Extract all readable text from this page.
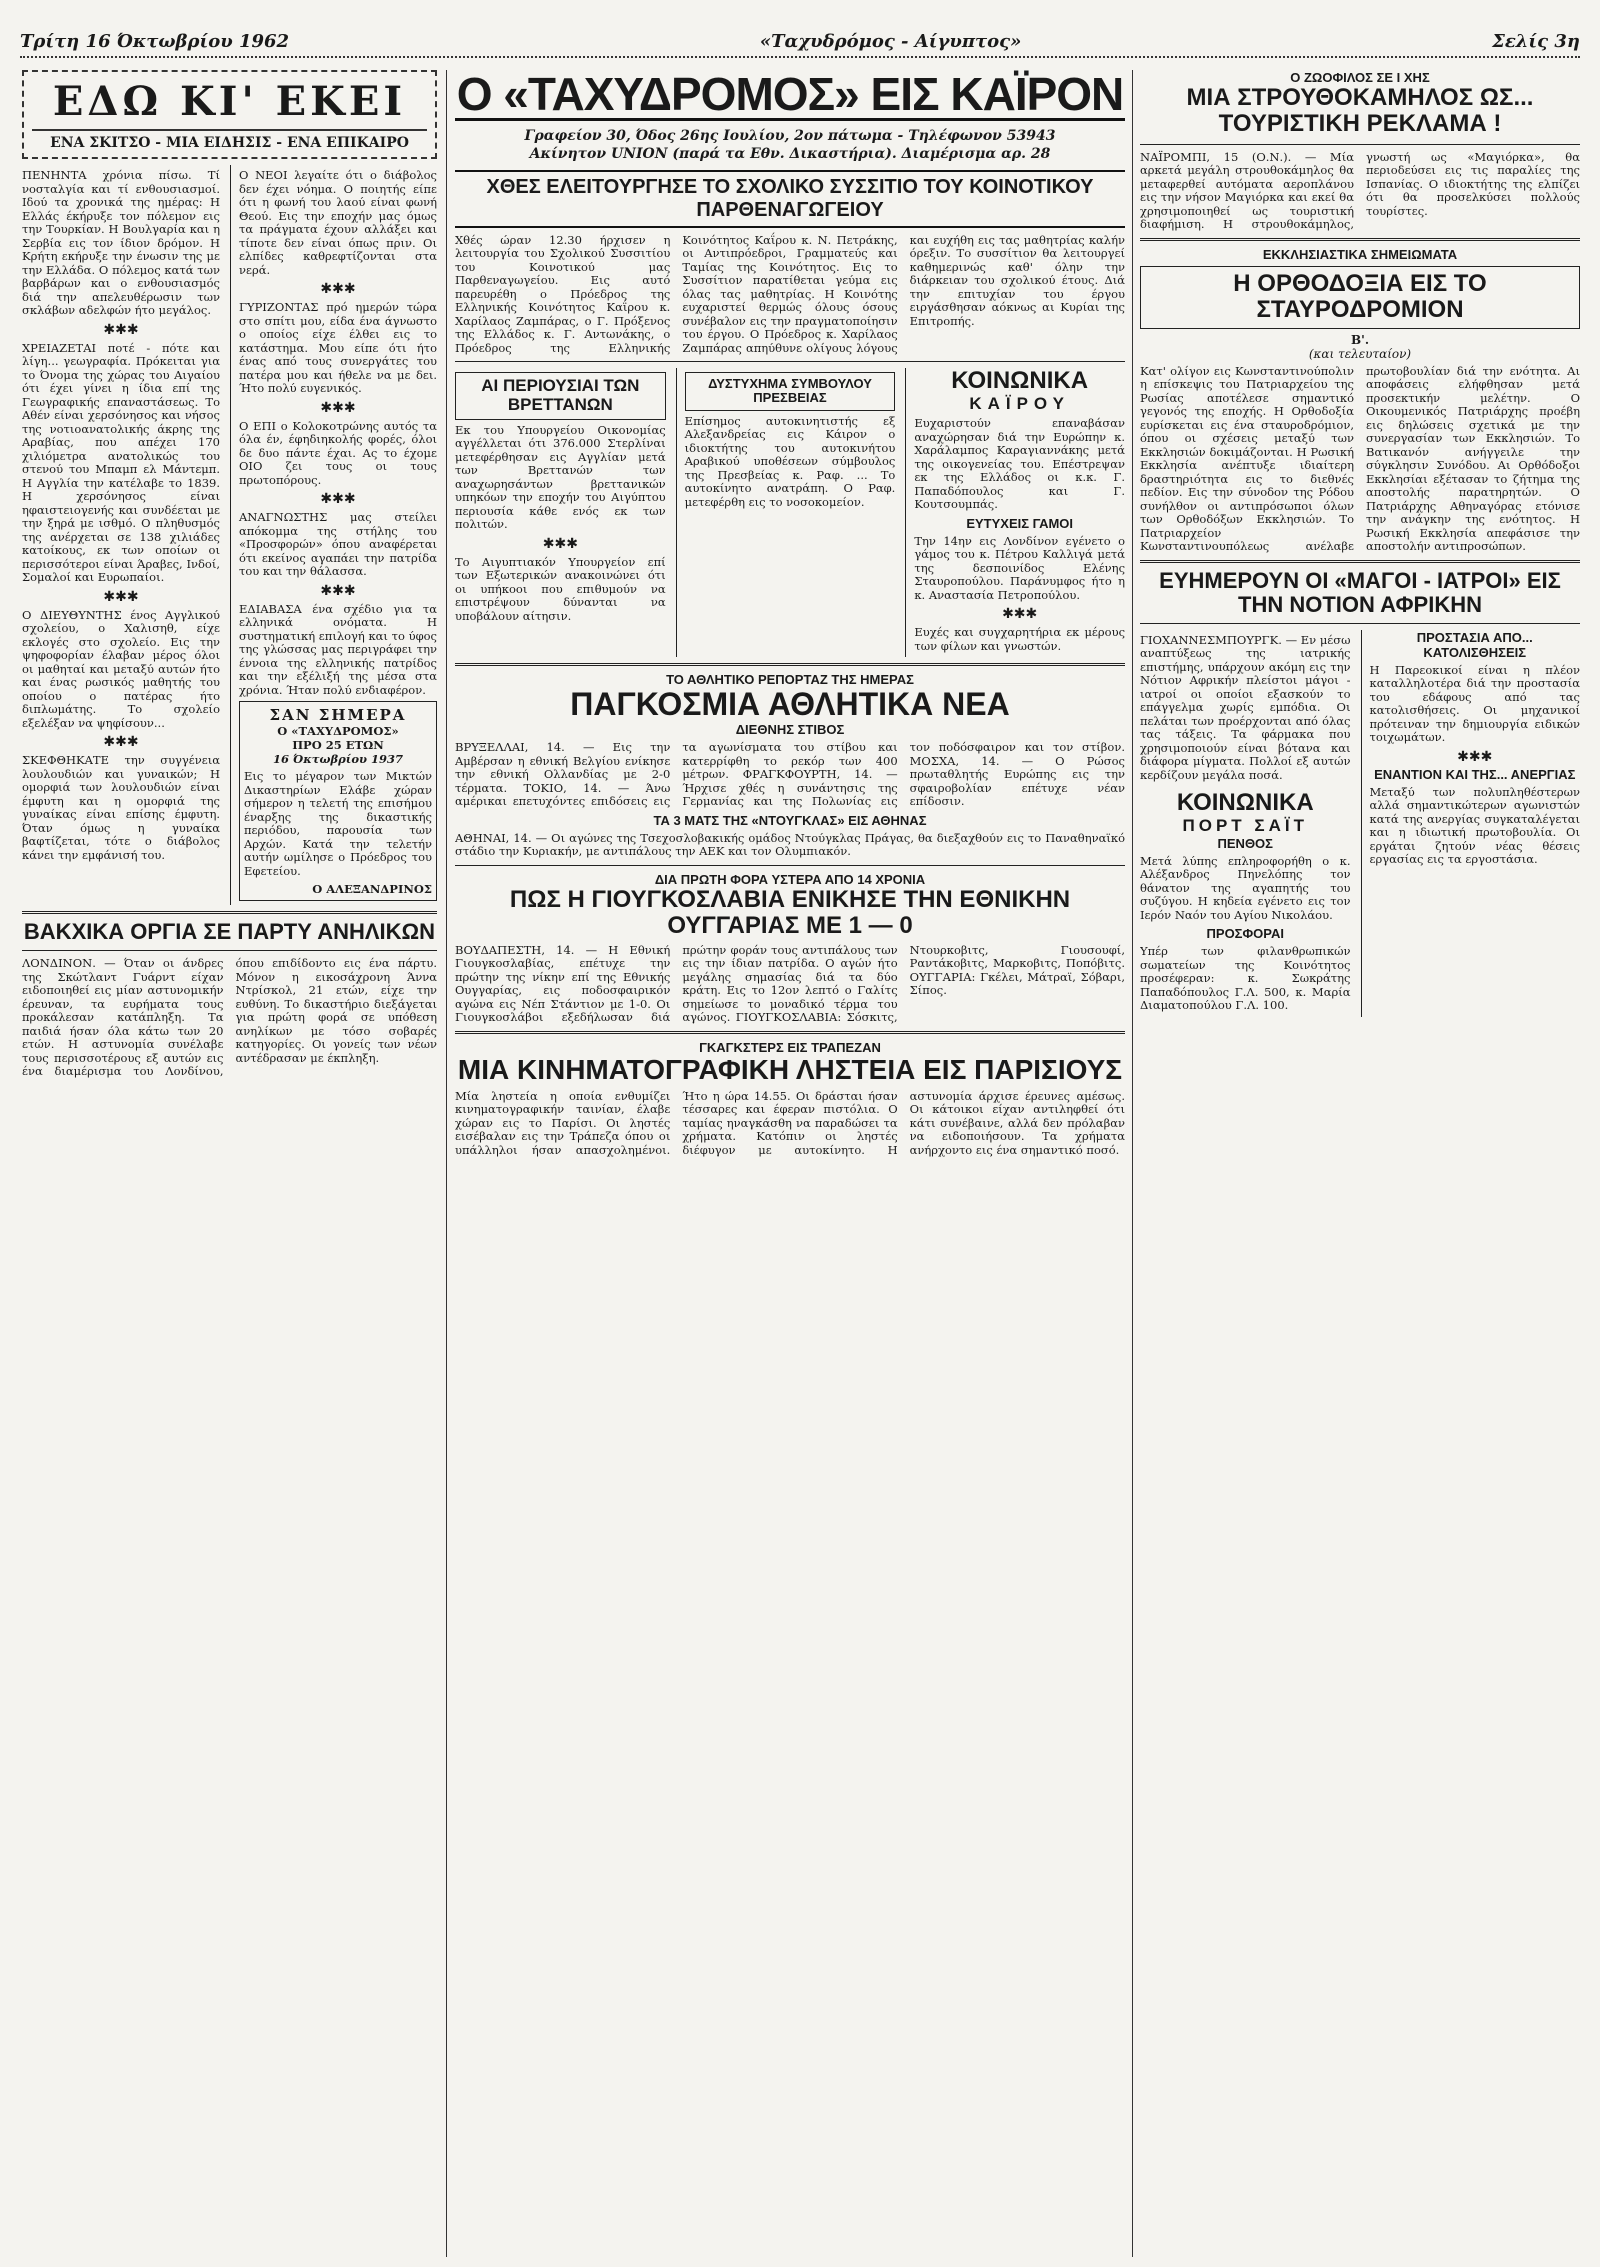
Τρίτη 16 Όκτωβρίου 1962	«Ταχυδρόμος - Αίγυπτος»	Σελίς 3η
ΕΔΩ ΚΙ' ΕΚΕΙ
ΕΝΑ ΣΚΙΤΣΟ - ΜΙΑ ΕΙΔΗΣΙΣ - ΕΝΑ ΕΠΙΚΑΙΡΟ

ΠΕΝΗΝΤΑ χρόνια πίσω. Τί νοσταλγία και τί ενθουσιασμοί. Ιδού τα χρονικά της ημέρας: Η Ελλάς έκήρυξε τον πόλεμον εις την Τουρκίαν. Η Βουλγαρία και η Σερβία εις τον ίδιον δρόμον. Η Κρήτη εκήρυξε την ένωσιν της με την Ελλάδα. Ο πόλεμος κατά των βαρβάρων και ο ενθουσιασμός διά την απελευθέρωσιν των σκλάβων αδελφών ήτο μεγάλος.

✱✱✱

ΧΡΕΙΑΖΕΤΑΙ ποτέ - πότε και λίγη... γεωγραφία. Πρόκειται για το Όνομα της χώρας του Αιγαίου ότι έχει γίνει η ίδια επί της Γεωγραφικής επαναστάσεως. Το Αθέν είναι χερσόνησος και νήσος της νοτιοανατολικής άκρης της Αραβίας, που απέχει 170 χιλιόμετρα ανατολικώς του στενού του Μπαμπ ελ Μάντεμπ. Η Αγγλία την κατέλαβε το 1839. Η χερσόνησος είναι ηφαιστειογενής και συνδέεται με την ξηρά με ισθμό. Ο πληθυσμός της ανέρχεται σε 138 χιλιάδες κατοίκους, εκ των οποίων οι περισσότεροι είναι Άραβες, Ινδοί, Σομαλοί και Ευρωπαίοι.

✱✱✱

Ο ΔΙΕΥΘΥΝΤΗΣ ένος Αγγλικού σχολείου, ο Χαλισηθ, είχε εκλογές στο σχολείο. Εις την ψηφοφορίαν έλαβαν μέρος όλοι οι μαθηταί και μεταξύ αυτών ήτο και ένας ρωσικός μαθητής του οποίου ο πατέρας ήτο διπλωμάτης. Το σχολείο εξελέξαν να ψηφίσουν...

✱✱✱

ΣΚΕΦΘΗΚΑΤΕ την συγγένεια λουλουδιών και γυναικών; Η ομορφιά των λουλουδιών είναι έμφυτη και η ομορφιά της γυναίκας είναι επίσης έμφυτη. Όταν όμως η γυναίκα βαφτίζεται, τότε ο διάβολος κάνει την εμφάνισή του.

Ο ΝΕΟΙ λεγαίτε ότι ο διάβολος δεν έχει νόημα. Ο ποιητής είπε ότι η φωνή του λαού είναι φωνή Θεού. Εις την εποχήν μας όμως τα πράγματα έχουν αλλάξει και τίποτε δεν είναι όπως πριν. Οι ελπίδες καθρεφτίζονται στα νερά.

✱✱✱

ΓΥΡΙΖΟΝΤΑΣ πρό ημερών τώρα στο σπίτι μου, είδα ένα άγνωστο ο οποίος είχε έλθει εις το κατάστημα. Μου είπε ότι ήτο ένας από τους συνεργάτες του πατέρα μου και ήθελε να με δει. Ήτο πολύ ευγενικός.

✱✱✱

Ο ΕΠΙ ο Κολοκοτρώνης αυτός τα όλα έν, έφηδιηκολής φορές, όλοι δε δυο πάντε έχαι. Ας το έχομε ΟΙΟ ζει τους οι τους πρωτοπόρους.

✱✱✱

ΑΝΑΓΝΩΣΤΗΣ μας στείλει απόκομμα της στήλης του «Προσφορών» όπου αναφέρεται ότι εκείνος αγαπάει την πατρίδα του και την θάλασσα.

✱✱✱

ΕΔΙΑΒΑΣΑ ένα σχέδιο για τα ελληνικά ονόματα. Η συστηματική επιλογή και το ύφος της γλώσσας μας περιγράφει την έννοια της ελληνικής πατρίδος και την εξέλιξή της μέσα στα χρόνια. Ήταν πολύ ενδιαφέρον.

ΣΑΝ ΣΗΜΕΡΑ
Ο «ΤΑΧΥΔΡΟΜΟΣ»
ΠΡΟ 25 ΕΤΩΝ
16 Όκτωβρίου 1937

Εις το μέγαρον των Μικτών Δικαστηρίων Ελάβε χώραν σήμερον η τελετή της επισήμου έναρξης της δικαστικής περιόδου, παρουσία των Αρχών. Κατά την τελετήν αυτήν ωμίλησε ο Πρόεδρος του Εφετείου.

Ο ΑΛΕΞΑΝΔΡΙΝΟΣ
ΒΑΚΧΙΚΑ ΟΡΓΙΑ ΣΕ ΠΑΡΤΥ ΑΝΗΛΙΚΩΝ

ΛΟΝΔΙΝΟΝ. — Όταν οι άνδρες της Σκώτλαντ Γυάρντ είχαν ειδοποιηθεί εις μίαν αστυνομικήν έρευναν, τα ευρήματα τους προκάλεσαν κατάπληξη. Τα παιδιά ήσαν όλα κάτω των 20 ετών. Η αστυνομία συνέλαβε τους περισσοτέρους εξ αυτών εις ένα διαμέρισμα του Λονδίνου, όπου επιδίδοντο εις ένα πάρτυ. Μόνον η εικοσάχρονη Άννα Ντρίσκολ, 21 ετών, είχε την ευθύνη. Το δικαστήριο διεξάγεται για πρώτη φορά σε υπόθεση ανηλίκων με τόσο σοβαρές κατηγορίες. Οι γονείς των νέων αντέδρασαν με έκπληξη.

Ο «ΤΑΧΥΔΡΟΜΟΣ» ΕΙΣ ΚΑΪΡΟΝ
Γραφείον 30, Όδος 26ης Ιουλίου, 2ον πάτωμα - Τηλέφωνον 53943
Ακίνητον UNION (παρά τα Εθν. Δικαστήρια). Διαμέρισμα αρ. 28
ΧΘΕΣ ΕΛΕΙΤΟΥΡΓΗΣΕ ΤΟ ΣΧΟΛΙΚΟ ΣΥΣΣΙΤΙΟ ΤΟΥ ΚΟΙΝΟΤΙΚΟΥ ΠΑΡΘΕΝΑΓΩΓΕΙΟΥ

Χθές ώραν 12.30 ήρχισεν η λειτουργία του Σχολικού Συσσιτίου του Κοινοτικού μας Παρθεναγωγείου. Εις αυτό παρευρέθη ο Πρόεδρος της Ελληνικής Κοινότητος Καΐρου κ. Χαρίλαος Ζαμπάρας, ο Γ. Πρόξενος της Ελλάδος κ. Γ. Αντωνάκης, ο Πρόεδρος της Ελληνικής Κοινότητος Καΐρου κ. Ν. Πετράκης, οι Αντιπρόεδροι, Γραμματεύς και Ταμίας της Κοινότητος. Εις το Συσσίτιον παρατίθεται γεύμα εις όλας τας μαθητρίας. Η Κοινότης ευχαριστεί θερμώς όλους όσους συνέβαλον εις την πραγματοποίησιν του έργου. Ο Πρόεδρος κ. Χαρίλαος Ζαμπάρας απηύθυνε ολίγους λόγους και ευχήθη εις τας μαθητρίας καλήν όρεξιν. Το συσσίτιον θα λειτουργεί καθημερινώς καθ' όλην την διάρκειαν του σχολικού έτους. Διά την επιτυχίαν του έργου ειργάσθησαν αόκνως αι Κυρίαι της Επιτροπής.

ΑΙ ΠΕΡΙΟΥΣΙΑΙ ΤΩΝ ΒΡΕΤΤΑΝΩΝ

Εκ του Υπουργείου Οικονομίας αγγέλλεται ότι 376.000 Στερλίναι μετεφέρθησαν εις Αγγλίαν μετά των Βρεττανών των αναχωρησάντων βρεττανικών υπηκόων την εποχήν του Αιγύπτου περιουσία κάθε ενός εκ των πολιτών.

✱✱✱

Το Αιγυπτιακόν Υπουργείον επί των Εξωτερικών ανακοινώνει ότι οι υπήκοοι που επιθυμούν να επιστρέψουν δύνανται να υποβάλουν αίτησιν.

ΔΥΣΤΥΧΗΜΑ ΣΥΜΒΟΥΛΟΥ ΠΡΕΣΒΕΙΑΣ

Επίσημος αυτοκινητιστής εξ Αλεξανδρείας εις Κάιρον ο ιδιοκτήτης του αυτοκινήτου Αραβικού υποθέσεων σύμβουλος της Πρεσβείας κ. Ραφ. ... Το αυτοκίνητο ανατράπη. Ο Ραφ. μετεφέρθη εις το νοσοκομείον.

ΚΟΙΝΩΝΙΚΑ
ΚΑΪΡΟΥ

Ευχαριστούν επαναβάσαν αναχώρησαν διά την Ευρώπην κ. Χαράλαμπος Καραγιαννάκης μετά της οικογενείας του. Επέστρεψαν εκ της Ελλάδος οι κ.κ. Γ. Παπαδόπουλος και Γ. Κουτσουμπάς.

ΕΥΤΥΧΕΙΣ ΓΑΜΟΙ

Την 14ην εις Λονδίνον εγένετο ο γάμος του κ. Πέτρου Καλλιγά μετά της δεσποινίδος Ελένης Σταυροπούλου. Παράνυμφος ήτο η κ. Αναστασία Πετροπούλου.

✱✱✱

Ευχές και συγχαρητήρια εκ μέρους των φίλων και γνωστών.

ΤΟ ΑΘΛΗΤΙΚΟ ΡΕΠΟΡΤΑΖ ΤΗΣ ΗΜΕΡΑΣ
ΠΑΓΚΟΣΜΙΑ ΑΘΛΗΤΙΚΑ ΝΕΑ
ΔΙΕΘΝΗΣ ΣΤΙΒΟΣ

ΒΡΥΞΕΛΛΑΙ, 14. — Εις την Αμβέρσαν η εθνική Βελγίου ενίκησε την εθνική Ολλανδίας με 2-0 τέρματα. ΤΟΚΙΟ, 14. — Άνω αμέρικαι επετυχόντες επιδόσεις εις τα αγωνίσματα του στίβου και κατερρίφθη το ρεκόρ των 400 μέτρων. ΦΡΑΓΚΦΟΥΡΤΗ, 14. — Ήρχισε χθές η συνάντησις της Γερμανίας και της Πολωνίας εις τον ποδόσφαιρον και τον στίβον. ΜΟΣΧΑ, 14. — Ο Ρώσος πρωταθλητής Ευρώπης εις την σφαιροβολίαν επέτυχε νέαν επίδοσιν.

ΤΑ 3 ΜΑΤΣ ΤΗΣ «ΝΤΟΥΓΚΛΑΣ» ΕΙΣ ΑΘΗΝΑΣ

ΑΘΗΝΑΙ, 14. — Οι αγώνες της Τσεχοσλοβακικής ομάδος Ντούγκλας Πράγας, θα διεξαχθούν εις το Παναθηναϊκό στάδιο την Κυριακήν, με αντιπάλους την ΑΕΚ και τον Ολυμπιακόν.

ΔΙΑ ΠΡΩΤΗ ΦΟΡΑ ΥΣΤΕΡΑ ΑΠΟ 14 ΧΡΟΝΙΑ
ΠΩΣ Η ΓΙΟΥΓΚΟΣΛΑΒΙΑ ΕΝΙΚΗΣΕ ΤΗΝ ΕΘΝΙΚΗΝ ΟΥΓΓΑΡΙΑΣ ΜΕ 1 — 0

ΒΟΥΔΑΠΕΣΤΗ, 14. — Η Εθνική Γιουγκοσλαβίας, επέτυχε την πρώτην της νίκην επί της Εθνικής Ουγγαρίας, εις ποδοσφαιρικόν αγώνα εις Νέπ Στάντιον με 1-0. Οι Γιουγκοσλάβοι εξεδήλωσαν διά πρώτην φοράν τους αντιπάλους των εις την ίδιαν πατρίδα. Ο αγών ήτο μεγάλης σημασίας διά τα δύο κράτη. Εις το 12ον λεπτό ο Γαλίτς σημείωσε το μοναδικό τέρμα του αγώνος. ΓΙΟΥΓΚΟΣΛΑΒΙΑ: Σόσκιτς, Ντουρκοβιτς, Γιουσουφί, Ραντάκοβιτς, Μαρκοβιτς, Ποπόβιτς. ΟΥΓΓΑΡΙΑ: Γκέλει, Μάτραϊ, Σόβαρι, Σίπος.

ΓΚΑΓΚΣΤΕΡΣ ΕΙΣ ΤΡΑΠΕΖΑΝ
ΜΙΑ ΚΙΝΗΜΑΤΟΓΡΑΦΙΚΗ ΛΗΣΤΕΙΑ ΕΙΣ ΠΑΡΙΣΙΟΥΣ

Μία ληστεία η οποία ενθυμίζει κινηματογραφικήν ταινίαν, έλαβε χώραν εις το Παρίσι. Οι ληστές εισέβαλαν εις την Τράπεζα όπου οι υπάλληλοι ήσαν απασχολημένοι. Ήτο η ώρα 14.55. Οι δράσται ήσαν τέσσαρες και έφεραν πιστόλια. Ο ταμίας ηναγκάσθη να παραδώσει τα χρήματα. Κατόπιν οι ληστές διέφυγον με αυτοκίνητο. Η αστυνομία άρχισε έρευνες αμέσως. Οι κάτοικοι είχαν αντιληφθεί ότι κάτι συνέβαινε, αλλά δεν πρόλαβαν να ειδοποιήσουν. Τα χρήματα ανήρχοντο εις ένα σημαντικό ποσό.

Ο ΖΩΟΦΙΛΟΣ ΣΕ Ι ΧΗΣ
ΜΙΑ ΣΤΡΟΥΘΟΚΑΜΗΛΟΣ ΩΣ... ΤΟΥΡΙΣΤΙΚΗ ΡΕΚΛΑΜΑ !

ΝΑΪΡΟΜΠΙ, 15 (Ο.Ν.). — Μία αρκετά μεγάλη στρουθοκάμηλος θα μεταφερθεί αυτόματα αεροπλάνου εις την νήσον Μαγιόρκα και εκεί θα χρησιμοποιηθεί ως τουριστική διαφήμιση. Η στρουθοκάμηλος, γνωστή ως «Μαγιόρκα», θα περιοδεύσει εις τις παραλίες της Ισπανίας. Ο ιδιοκτήτης της ελπίζει ότι θα προσελκύσει πολλούς τουρίστες.

ΕΚΚΛΗΣΙΑΣΤΙΚΑ ΣΗΜΕΙΩΜΑΤΑ
Η ΟΡΘΟΔΟΞΙΑ ΕΙΣ ΤΟ ΣΤΑΥΡΟΔΡΟΜΙΟΝ
Β'.
(και τελευταίον)

Κατ' ολίγον εις Κωνσταντινούπολιν η επίσκεψις του Πατριαρχείου της Ρωσίας αποτέλεσε σημαντικό γεγονός της εποχής. Η Ορθοδοξία ευρίσκεται εις ένα σταυροδρόμιον, όπου οι σχέσεις μεταξύ των Εκκλησιών δοκιμάζονται. Η Ρωσική Εκκλησία ανέπτυξε ιδιαίτερη δραστηριότητα εις το διεθνές πεδίον. Εις την σύνοδον της Ρόδου συνήλθον οι αντιπρόσωποι όλων των Ορθοδόξων Εκκλησιών. Το Πατριαρχείον Κωνσταντινουπόλεως ανέλαβε πρωτοβουλίαν διά την ενότητα. Αι αποφάσεις ελήφθησαν μετά προσεκτικήν μελέτην. Ο Οικουμενικός Πατριάρχης προέβη εις δηλώσεις σχετικά με την συνεργασίαν των Εκκλησιών. Το Βατικανόν ανήγγειλε την σύγκλησιν Συνόδου. Αι Ορθόδοξοι Εκκλησίαι εξέτασαν το ζήτημα της αποστολής παρατηρητών. Ο Πατριάρχης Αθηναγόρας ετόνισε την ανάγκην της ενότητος. Η Ρωσική Εκκλησία απεφάσισε την αποστολήν αντιπροσώπων.

ΕΥΗΜΕΡΟΥΝ ΟΙ «ΜΑΓΟΙ - ΙΑΤΡΟΙ» ΕΙΣ ΤΗΝ ΝΟΤΙΟΝ ΑΦΡΙΚΗΝ

ΓΙΟΧΑΝΝΕΣΜΠΟΥΡΓΚ. — Εν μέσω αναπτύξεως της ιατρικής επιστήμης, υπάρχουν ακόμη εις την Νότιον Αφρικήν πλείστοι μάγοι - ιατροί οι οποίοι εξασκούν το επάγγελμα χωρίς εμπόδια. Οι πελάται των προέρχονται από όλας τας τάξεις. Τα φάρμακα που χρησιμοποιούν είναι βότανα και διάφορα μίγματα. Πολλοί εξ αυτών κερδίζουν μεγάλα ποσά.

ΚΟΙΝΩΝΙΚΑ
ΠΟΡΤ ΣΑΪΤ
ΠΕΝΘΟΣ

Μετά λύπης επληροφορήθη ο κ. Αλέξανδρος Πηνελόπης τον θάνατον της αγαπητής του συζύγου. Η κηδεία εγένετο εις τον Ιερόν Ναόν του Αγίου Νικολάου.

ΠΡΟΣΦΟΡΑΙ

Υπέρ των φιλανθρωπικών σωματείων της Κοινότητος προσέφεραν: κ. Σωκράτης Παπαδόπουλος Γ.Λ. 500, κ. Μαρία Διαματοπούλου Γ.Λ. 100.

ΠΡΟΣΤΑΣΙΑ ΑΠΟ... ΚΑΤΟΛΙΣΘΗΣΕΙΣ

Η Παρεοκικοί είναι η πλέον καταλληλοτέρα διά την προστασία του εδάφους από τας κατολισθήσεις. Οι μηχανικοί πρότειναν την δημιουργία ειδικών τοιχωμάτων.

✱✱✱
ΕΝΑΝΤΙΟΝ ΚΑΙ ΤΗΣ... ΑΝΕΡΓΙΑΣ

Μεταξύ των πολυπληθέστερων αλλά σημαντικώτερων αγωνιστών κατά της ανεργίας συγκαταλέγεται και η ιδιωτική πρωτοβουλία. Οι εργάται ζητούν νέας θέσεις εργασίας εις τα εργοστάσια.
